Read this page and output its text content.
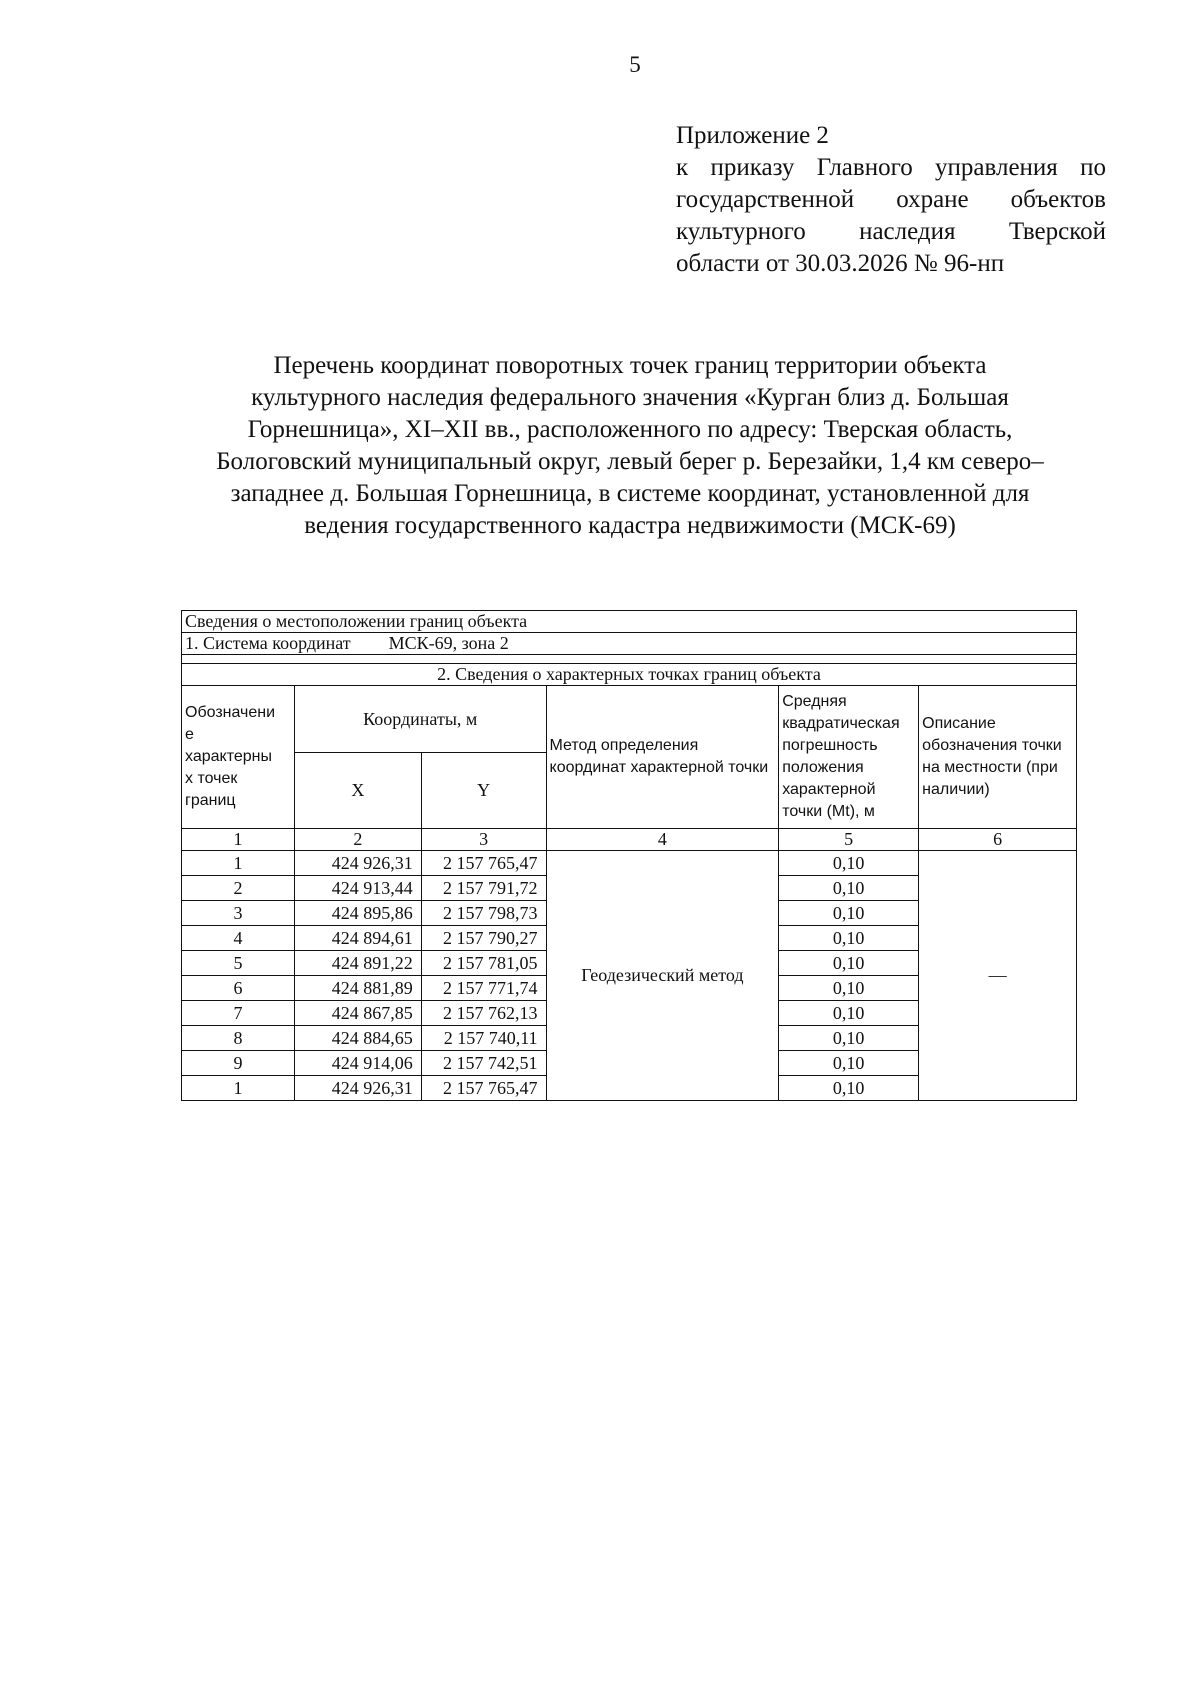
5
Приложение 2
к приказу Главного управления по
государственной охране объектов
культурного наследия Тверской
области от 30.03.2026 № 96-нп
Перечень координат поворотных точек границ территории объекта
культурного наследия федерального значения «Курган близ д. Большая
Горнешница», XI–XII вв., расположенного по адресу: Тверская область,
Бологовский муниципальный округ, левый берег р. Березайки, 1,4 км северо–
западнее д. Большая Горнешница, в системе координат, установленной для
ведения государственного кадастра недвижимости (МСК-69)
Сведения о местоположении границ объекта					
1. Система координат МСК-69, зона 2					

2. Сведения о характерных точках границ объекта					
Обозначени
е
характерны
х точек
границ	Координаты, м		Метод определения координат характерной точки	Средняя квадратическая погрешность положения характерной точки (Mt), м	Описание обозначения точки на местности (при наличии)
	X	Y			
1	2	3	4	5	6
1	424 926,31	2 157 765,47	Геодезический метод	0,10	—
2	424 913,44	2 157 791,72		0,10	
3	424 895,86	2 157 798,73		0,10	
4	424 894,61	2 157 790,27		0,10	
5	424 891,22	2 157 781,05		0,10	
6	424 881,89	2 157 771,74		0,10	
7	424 867,85	2 157 762,13		0,10	
8	424 884,65	2 157 740,11		0,10	
9	424 914,06	2 157 742,51		0,10	
1	424 926,31	2 157 765,47		0,10	
